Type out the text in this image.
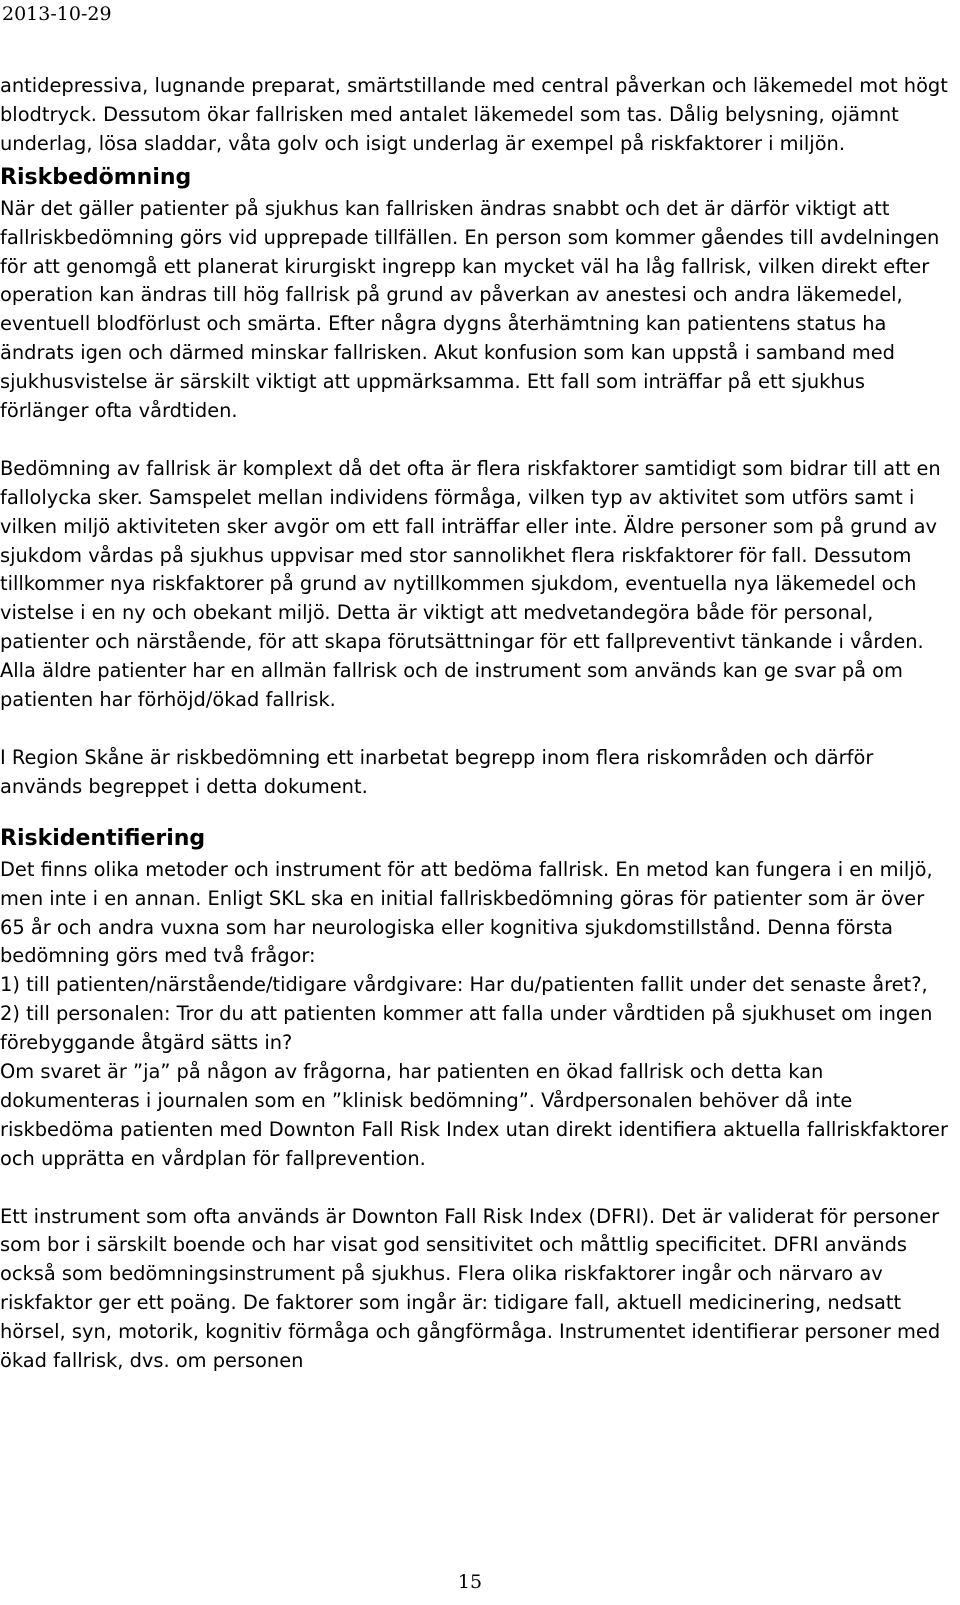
2013-10-29

antidepressiva, lugnande preparat, smärtstillande med central påverkan och läkemedel mot högt blodtryck. Dessutom ökar fallrisken med antalet läkemedel som tas. Dålig belysning, ojämnt underlag, lösa sladdar, våta golv och isigt underlag är exempel på riskfaktorer i miljön.

Riskbedömning

När det gäller patienter på sjukhus kan fallrisken ändras snabbt och det är därför viktigt att fallriskbedömning görs vid upprepade tillfällen. En person som kommer gåendes till avdelningen för att genomgå ett planerat kirurgiskt ingrepp kan mycket väl ha låg fallrisk, vilken direkt efter operation kan ändras till hög fallrisk på grund av påverkan av anestesi och andra läkemedel, eventuell blodförlust och smärta. Efter några dygns återhämtning kan patientens status ha ändrats igen och därmed minskar fallrisken. Akut konfusion som kan uppstå i samband med sjukhusvistelse är särskilt viktigt att uppmärksamma. Ett fall som inträffar på ett sjukhus förlänger ofta vårdtiden.

Bedömning av fallrisk är komplext då det ofta är flera riskfaktorer samtidigt som bidrar till att en fallolycka sker. Samspelet mellan individens förmåga, vilken typ av aktivitet som utförs samt i vilken miljö aktiviteten sker avgör om ett fall inträffar eller inte. Äldre personer som på grund av sjukdom vårdas på sjukhus uppvisar med stor sannolikhet flera riskfaktorer för fall. Dessutom tillkommer nya riskfaktorer på grund av nytillkommen sjukdom, eventuella nya läkemedel och vistelse i en ny och obekant miljö. Detta är viktigt att medvetandegöra både för personal, patienter och närstående, för att skapa förutsättningar för ett fallpreventivt tänkande i vården. Alla äldre patienter har en allmän fallrisk och de instrument som används kan ge svar på om patienten har förhöjd/ökad fallrisk.

I Region Skåne är riskbedömning ett inarbetat begrepp inom flera riskområden och därför används begreppet i detta dokument.

Riskidentifiering

Det finns olika metoder och instrument för att bedöma fallrisk. En metod kan fungera i en miljö, men inte i en annan. Enligt SKL ska en initial fallriskbedömning göras för patienter som är över 65 år och andra vuxna som har neurologiska eller kognitiva sjukdomstillstånd. Denna första bedömning görs med två frågor:

1) till patienten/närstående/tidigare vårdgivare: Har du/patienten fallit under det senaste året?,

2) till personalen: Tror du att patienten kommer att falla under vårdtiden på sjukhuset om ingen förebyggande åtgärd sätts in?

Om svaret är ”ja” på någon av frågorna, har patienten en ökad fallrisk och detta kan dokumenteras i journalen som en ”klinisk bedömning”. Vårdpersonalen behöver då inte riskbedöma patienten med Downton Fall Risk Index utan direkt identifiera aktuella fallriskfaktorer och upprätta en vårdplan för fallprevention.

Ett instrument som ofta används är Downton Fall Risk Index (DFRI). Det är validerat för personer som bor i särskilt boende och har visat god sensitivitet och måttlig specificitet. DFRI används också som bedömningsinstrument på sjukhus. Flera olika riskfaktorer ingår och närvaro av riskfaktor ger ett poäng. De faktorer som ingår är: tidigare fall, aktuell medicinering, nedsatt hörsel, syn, motorik, kognitiv förmåga och gångförmåga. Instrumentet identifierar personer med ökad fallrisk, dvs. om personen

15
